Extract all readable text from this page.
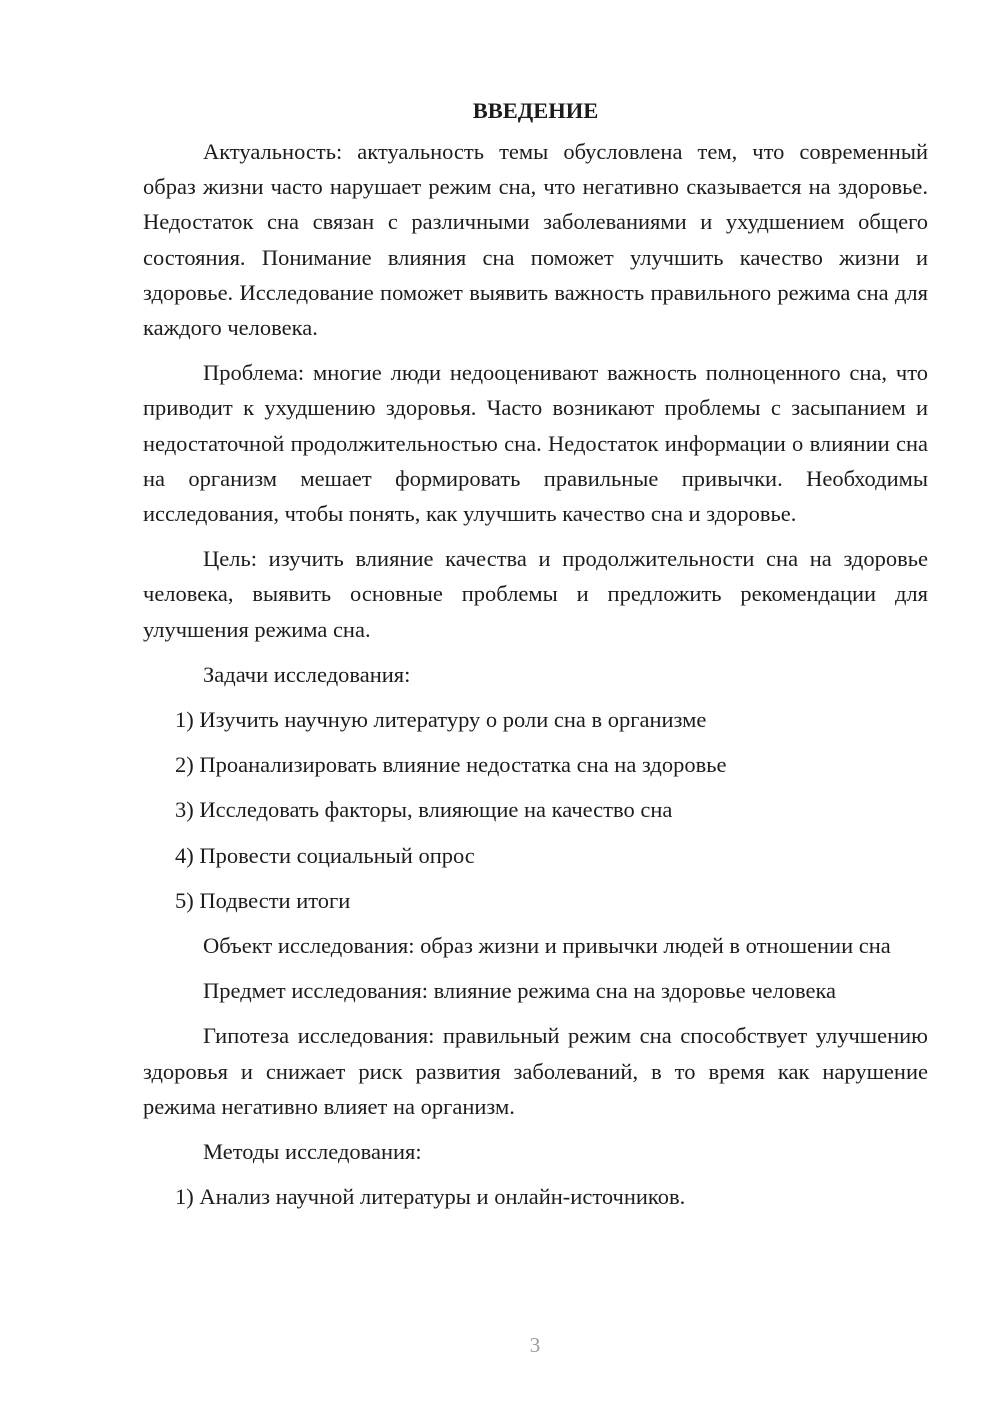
ВВЕДЕНИЕ

Актуальность: актуальность темы обусловлена тем, что современный образ жизни часто нарушает режим сна, что негативно сказывается на здоровье. Недостаток сна связан с различными заболеваниями и ухудшением общего состояния. Понимание влияния сна поможет улучшить качество жизни и здоровье. Исследование поможет выявить важность правильного режима сна для каждого человека.

Проблема: многие люди недооценивают важность полноценного сна, что приводит к ухудшению здоровья. Часто возникают проблемы с засыпанием и недостаточной продолжительностью сна. Недостаток информации о влиянии сна на организм мешает формировать правильные привычки. Необходимы исследования, чтобы понять, как улучшить качество сна и здоровье.

Цель: изучить влияние качества и продолжительности сна на здоровье человека, выявить основные проблемы и предложить рекомендации для улучшения режима сна.

Задачи исследования:

1) Изучить научную литературу о роли сна в организме

2) Проанализировать влияние недостатка сна на здоровье

3) Исследовать факторы, влияющие на качество сна

4) Провести социальный опрос

5) Подвести итоги

Объект исследования: образ жизни и привычки людей в отношении сна

Предмет исследования: влияние режима сна на здоровье человека

Гипотеза исследования: правильный режим сна способствует улучшению здоровья и снижает риск развития заболеваний, в то время как нарушение режима негативно влияет на организм.

Методы исследования:

1) Анализ научной литературы и онлайн-источников.

3
